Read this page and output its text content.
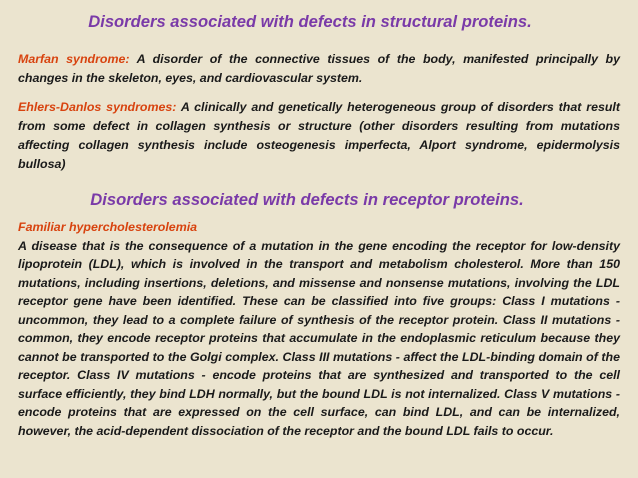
Disorders associated with defects in structural proteins.

Marfan syndrome: A disorder of the connective tissues of the body, manifested principally by changes in the skeleton, eyes, and cardiovascular system.

Ehlers-Danlos syndromes: A clinically and genetically heterogeneous group of disorders that result from some defect in collagen synthesis or structure (other disorders resulting from mutations affecting collagen synthesis include osteogenesis imperfecta, Alport syndrome, epidermolysis bullosa)

Disorders associated with defects in receptor proteins.

Familiar hypercholesterolemia
A disease that is the consequence of a mutation in the gene encoding the receptor for low-density lipoprotein (LDL), which is involved in the transport and metabolism cholesterol. More than 150 mutations, including insertions, deletions, and missense and nonsense mutations, involving the LDL receptor gene have been identified. These can be classified into five groups: Class I mutations - uncommon, they lead to a complete failure of synthesis of the receptor protein. Class II mutations - common, they encode receptor proteins that accumulate in the endoplasmic reticulum because they cannot be transported to the Golgi complex. Class III mutations - affect the LDL-binding domain of the receptor. Class IV mutations - encode proteins that are synthesized and transported to the cell surface efficiently, they bind LDH normally, but the bound LDL is not internalized. Class V mutations - encode proteins that are expressed on the cell surface, can bind LDL, and can be internalized, however, the acid-dependent dissociation of the receptor and the bound LDL fails to occur.
